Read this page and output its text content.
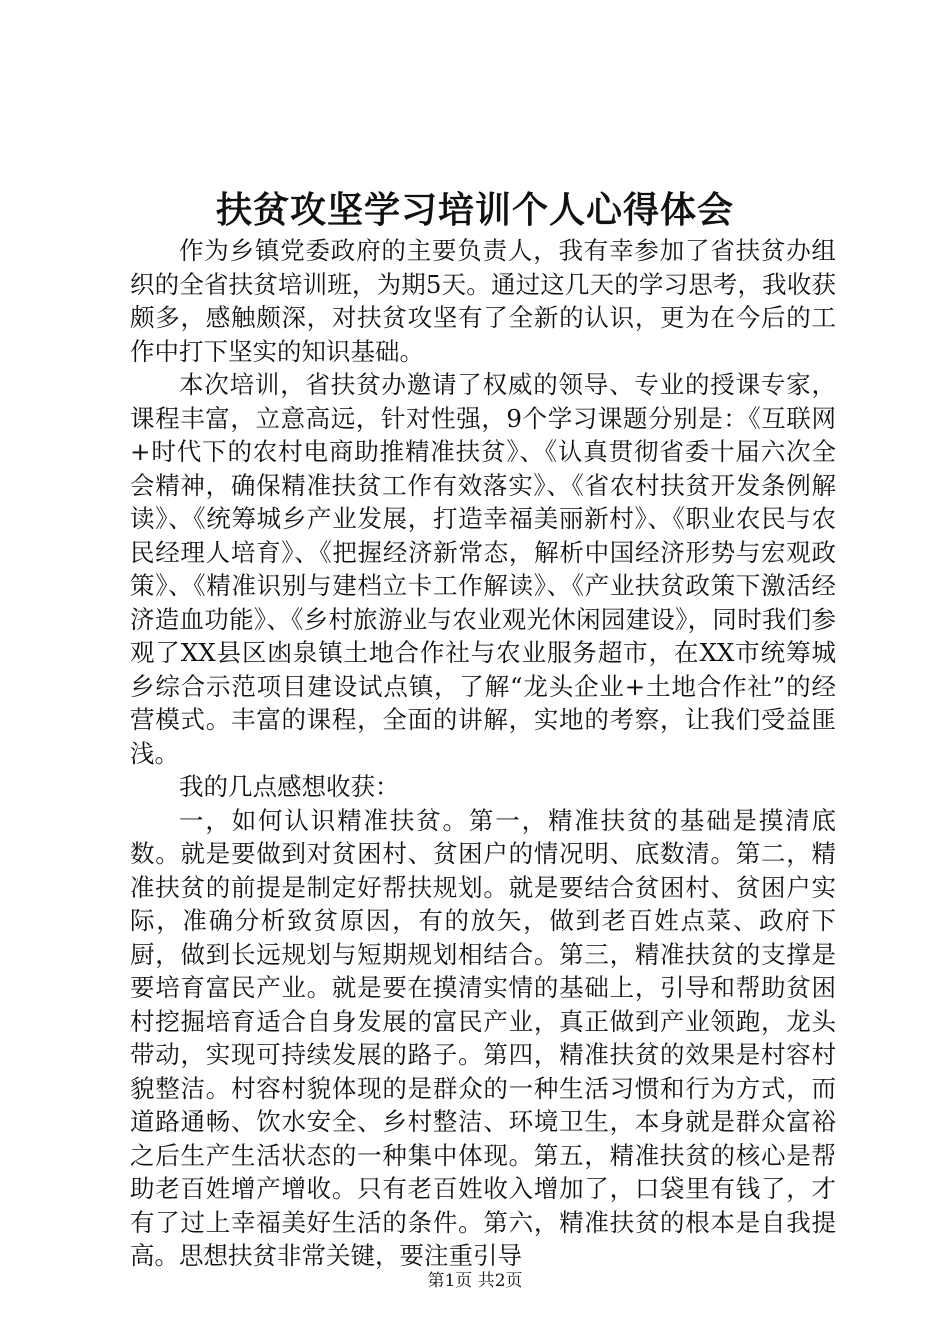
扶贫攻坚学习培训个人心得体会

作为乡镇党委政府的主要负责人，我有幸参加了省扶贫办组织的全省扶贫培训班，为期5天。通过这几天的学习思考，我收获颇多，感触颇深，对扶贫攻坚有了全新的认识，更为在今后的工作中打下坚实的知识基础。

本次培训，省扶贫办邀请了权威的领导、专业的授课专家，课程丰富，立意高远，针对性强，9个学习课题分别是：《互联网+时代下的农村电商助推精准扶贫》、《认真贯彻省委十届六次全会精神，确保精准扶贫工作有效落实》、《省农村扶贫开发条例解读》、《统筹城乡产业发展，打造幸福美丽新村》、《职业农民与农民经理人培育》、《把握经济新常态，解析中国经济形势与宏观政策》、《精准识别与建档立卡工作解读》、《产业扶贫政策下激活经济造血功能》、《乡村旅游业与农业观光休闲园建设》，同时我们参观了XX县区凼泉镇土地合作社与农业服务超市，在XX市统筹城乡综合示范项目建设试点镇，了解“龙头企业+土地合作社”的经营模式。丰富的课程，全面的讲解，实地的考察，让我们受益匪浅。

我的几点感想收获：

一，如何认识精准扶贫。第一，精准扶贫的基础是摸清底数。就是要做到对贫困村、贫困户的情况明、底数清。第二，精准扶贫的前提是制定好帮扶规划。就是要结合贫困村、贫困户实际，准确分析致贫原因，有的放矢，做到老百姓点菜、政府下厨，做到长远规划与短期规划相结合。第三，精准扶贫的支撑是要培育富民产业。就是要在摸清实情的基础上，引导和帮助贫困村挖掘培育适合自身发展的富民产业，真正做到产业领跑，龙头带动，实现可持续发展的路子。第四，精准扶贫的效果是村容村貌整洁。村容村貌体现的是群众的一种生活习惯和行为方式，而道路通畅、饮水安全、乡村整洁、环境卫生，本身就是群众富裕之后生产生活状态的一种集中体现。第五，精准扶贫的核心是帮助老百姓增产增收。只有老百姓收入增加了，口袋里有钱了，才有了过上幸福美好生活的条件。第六，精准扶贫的根本是自我提高。思想扶贫非常关键，要注重引导

第1页 共2页
